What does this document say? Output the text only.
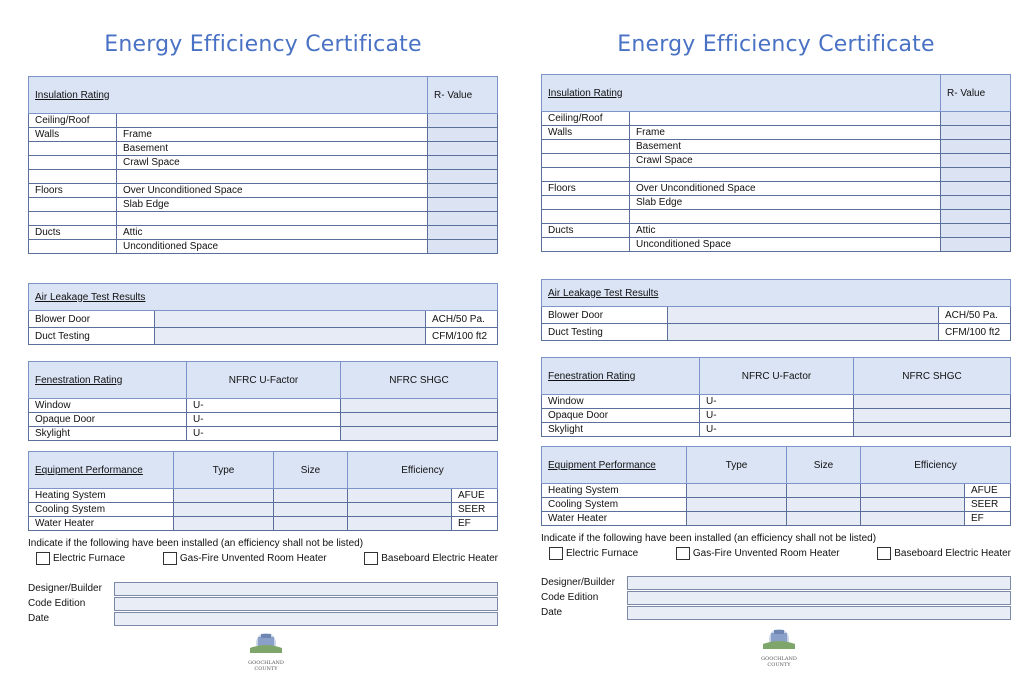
Energy Efficiency Certificate
Insulation Rating		R- Value
Ceiling/Roof		
Walls	Frame	
	Basement	
	Crawl Space	

Floors	Over Unconditioned Space	
	Slab Edge	

Ducts	Attic	
	Unconditioned Space	
Air Leakage Test Results		
Blower Door		ACH/50 Pa.
Duct Testing		CFM/100 ft2
Fenestration Rating	NFRC U-Factor	NFRC SHGC
Window	U-	
Opaque Door	U-	
Skylight	U-	
Equipment Performance	Type	Size	Efficiency	
Heating System				AFUE
Cooling System				SEER
Water Heater				EF
Indicate if the following have been installed (an efficiency shall not be listed)
Electric Furnace	Gas-Fire Unvented Room Heater	Baseboard Electric Heater
Designer/Builder
Code Edition
Date
GOOCHLAND COUNTY
Energy Efficiency Certificate
Insulation Rating		R- Value
Ceiling/Roof		
Walls	Frame	
	Basement	
	Crawl Space	

Floors	Over Unconditioned Space	
	Slab Edge	

Ducts	Attic	
	Unconditioned Space	
Air Leakage Test Results		
Blower Door		ACH/50 Pa.
Duct Testing		CFM/100 ft2
Fenestration Rating	NFRC U-Factor	NFRC SHGC
Window	U-	
Opaque Door	U-	
Skylight	U-	
Equipment Performance	Type	Size	Efficiency	
Heating System				AFUE
Cooling System				SEER
Water Heater				EF
Indicate if the following have been installed (an efficiency shall not be listed)
Electric Furnace	Gas-Fire Unvented Room Heater	Baseboard Electric Heater
Designer/Builder
Code Edition
Date
GOOCHLAND COUNTY
